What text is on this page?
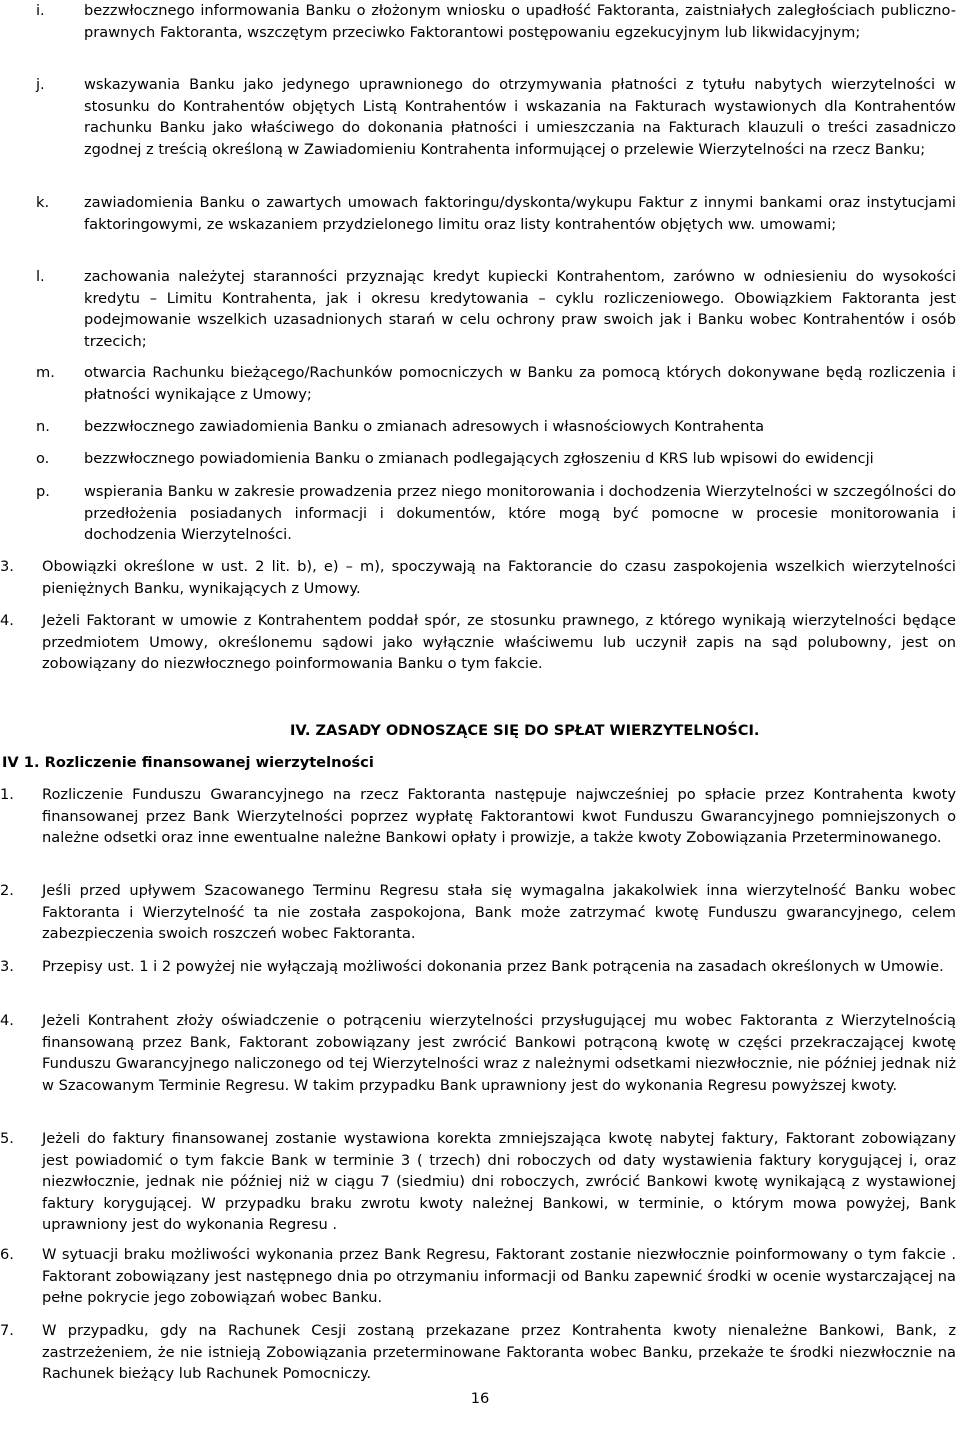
i.	bezzwłocznego informowania Banku o złożonym wniosku o upadłość Faktoranta, zaistniałych zaległościach publiczno-prawnych Faktoranta, wszczętym przeciwko Faktorantowi postępowaniu egzekucyjnym lub likwidacyjnym;
j.	wskazywania Banku jako jedynego uprawnionego do otrzymywania płatności z tytułu nabytych wierzytelności w stosunku do Kontrahentów objętych Listą Kontrahentów i wskazania na Fakturach wystawionych dla Kontrahentów rachunku Banku jako właściwego do dokonania płatności i umieszczania na Fakturach klauzuli o treści zasadniczo zgodnej z treścią określoną w Zawiadomieniu Kontrahenta informującej o przelewie Wierzytelności na rzecz Banku;
k. zawiadomienia Banku o zawartych umowach faktoringu/dyskonta/wykupu Faktur z innymi bankami oraz instytucjami faktoringowymi, ze wskazaniem przydzielonego limitu oraz listy kontrahentów objętych ww. umowami;
l.	zachowania należytej staranności przyznając kredyt kupiecki Kontrahentom, zarówno w odniesieniu do wysokości kredytu – Limitu Kontrahenta, jak i okresu kredytowania – cyklu rozliczeniowego. Obowiązkiem Faktoranta jest podejmowanie wszelkich uzasadnionych starań w celu ochrony praw swoich jak i Banku wobec Kontrahentów i osób trzecich;
m. otwarcia Rachunku bieżącego/Rachunków pomocniczych w Banku za pomocą których dokonywane będą rozliczenia i płatności wynikające z Umowy;
n. bezzwłocznego zawiadomienia Banku o zmianach adresowych i własnościowych Kontrahenta
o. bezzwłocznego powiadomienia Banku o zmianach podlegających zgłoszeniu d KRS lub wpisowi do ewidencji
p. wspierania Banku w zakresie prowadzenia przez niego monitorowania i dochodzenia Wierzytelności w szczególności do przedłożenia posiadanych informacji i dokumentów, które mogą być pomocne w procesie monitorowania i dochodzenia Wierzytelności.
3. Obowiązki określone w ust. 2 lit. b), e) – m), spoczywają na Faktorancie do czasu zaspokojenia wszelkich wierzytelności pieniężnych Banku, wynikających z Umowy.
4. Jeżeli Faktorant w umowie z Kontrahentem poddał spór, ze stosunku prawnego, z którego wynikają wierzytelności będące przedmiotem Umowy, określonemu sądowi jako wyłącznie właściwemu lub uczynił zapis na sąd polubowny, jest on zobowiązany do niezwłocznego poinformowania Banku o tym fakcie.
IV. ZASADY ODNOSZĄCE SIĘ DO SPŁAT WIERZYTELNOŚCI.
IV 1. Rozliczenie finansowanej wierzytelności
1. Rozliczenie Funduszu Gwarancyjnego na rzecz Faktoranta następuje najwcześniej po spłacie przez Kontrahenta kwoty finansowanej przez Bank Wierzytelności poprzez wypłatę Faktorantowi kwot Funduszu Gwarancyjnego pomniejszonych o należne odsetki oraz inne ewentualne należne Bankowi opłaty i prowizje, a także kwoty Zobowiązania Przeterminowanego.
2. Jeśli przed upływem Szacowanego Terminu Regresu stała się wymagalna jakakolwiek inna wierzytelność Banku wobec Faktoranta i Wierzytelność ta nie została zaspokojona, Bank może zatrzymać kwotę Funduszu gwarancyjnego, celem zabezpieczenia swoich roszczeń wobec Faktoranta.
3. Przepisy ust. 1 i 2 powyżej nie wyłączają możliwości dokonania przez Bank potrącenia na zasadach określonych w Umowie.
4. Jeżeli Kontrahent złoży oświadczenie o potrąceniu wierzytelności przysługującej mu wobec Faktoranta z Wierzytelnością finansowaną przez Bank, Faktorant zobowiązany jest zwrócić Bankowi potrąconą kwotę w części przekraczającej kwotę Funduszu Gwarancyjnego naliczonego od tej Wierzytelności wraz z należnymi odsetkami niezwłocznie, nie później jednak niż w Szacowanym Terminie Regresu. W takim przypadku Bank uprawniony jest do wykonania Regresu powyższej kwoty.
5. Jeżeli do faktury finansowanej zostanie wystawiona korekta zmniejszająca kwotę nabytej faktury, Faktorant zobowiązany jest powiadomić o tym fakcie Bank w terminie 3 ( trzech) dni roboczych od daty wystawienia faktury korygującej i, oraz niezwłocznie, jednak nie później niż w ciągu 7 (siedmiu) dni roboczych, zwrócić Bankowi kwotę wynikającą z wystawionej faktury korygującej. W przypadku braku zwrotu kwoty należnej Bankowi, w terminie, o którym mowa powyżej, Bank uprawniony jest do wykonania Regresu .
6. W sytuacji braku możliwości wykonania przez Bank Regresu, Faktorant zostanie niezwłocznie poinformowany o tym fakcie . Faktorant zobowiązany jest następnego dnia po otrzymaniu informacji od Banku zapewnić środki w ocenie wystarczającej na pełne pokrycie jego zobowiązań wobec Banku.
7. W przypadku, gdy na Rachunek Cesji zostaną przekazane przez Kontrahenta kwoty nienależne Bankowi, Bank, z zastrzeżeniem, że nie istnieją Zobowiązania przeterminowane Faktoranta wobec Banku, przekaże te środki niezwłocznie na Rachunek bieżący lub Rachunek Pomocniczy.
16
